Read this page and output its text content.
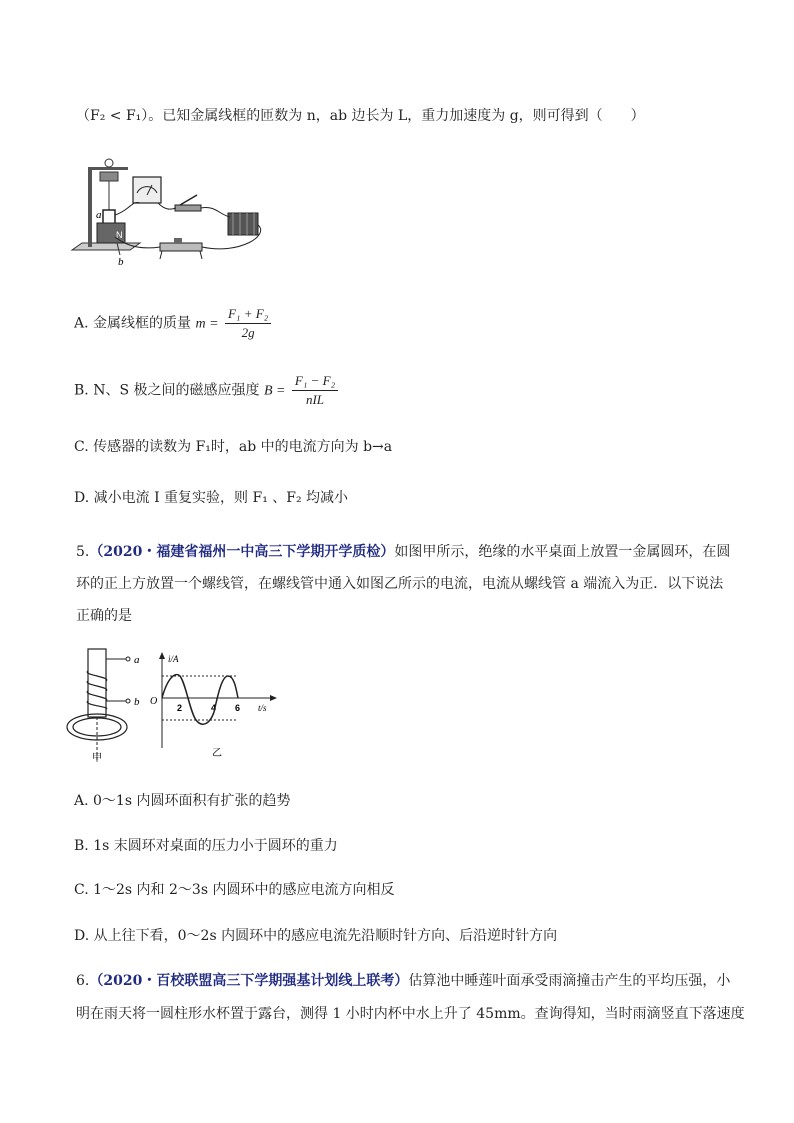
（F₂ < F₁）。已知金属线框的匝数为 n，ab 边长为 L，重力加速度为 g，则可得到（　　）
N
a
b
A. 金属线框的质量 $m = \frac{\text{F₁ + F₂}}{2g}$
B. N、S 极之间的磁感应强度 $B = \frac{\text{F₁ − F₂}}{\text{nIL}}$
C. 传感器的读数为 F₁时，ab 中的电流方向为 b→a
D. 减小电流 I 重复实验，则 F₁ 、F₂ 均减小
5.（2020・福建省福州一中高三下学期开学质检）如图甲所示，绝缘的水平桌面上放置一金属圆环，在圆
环的正上方放置一个螺线管，在螺线管中通入如图乙所示的电流，电流从螺线管 a 端流入为正．以下说法
正确的是
a
b
甲
i/A
t/s
O
2	4 6
乙
A. 0～1s 内圆环面积有扩张的趋势
B. 1s 末圆环对桌面的压力小于圆环的重力
C. 1～2s 内和 2～3s 内圆环中的感应电流方向相反
D. 从上往下看，0～2s 内圆环中的感应电流先沿顺时针方向、后沿逆时针方向
6.（2020・百校联盟高三下学期强基计划线上联考）估算池中睡莲叶面承受雨滴撞击产生的平均压强，小
明在雨天将一圆柱形水杯置于露台，测得 1 小时内杯中水上升了 45mm。查询得知，当时雨滴竖直下落速度
